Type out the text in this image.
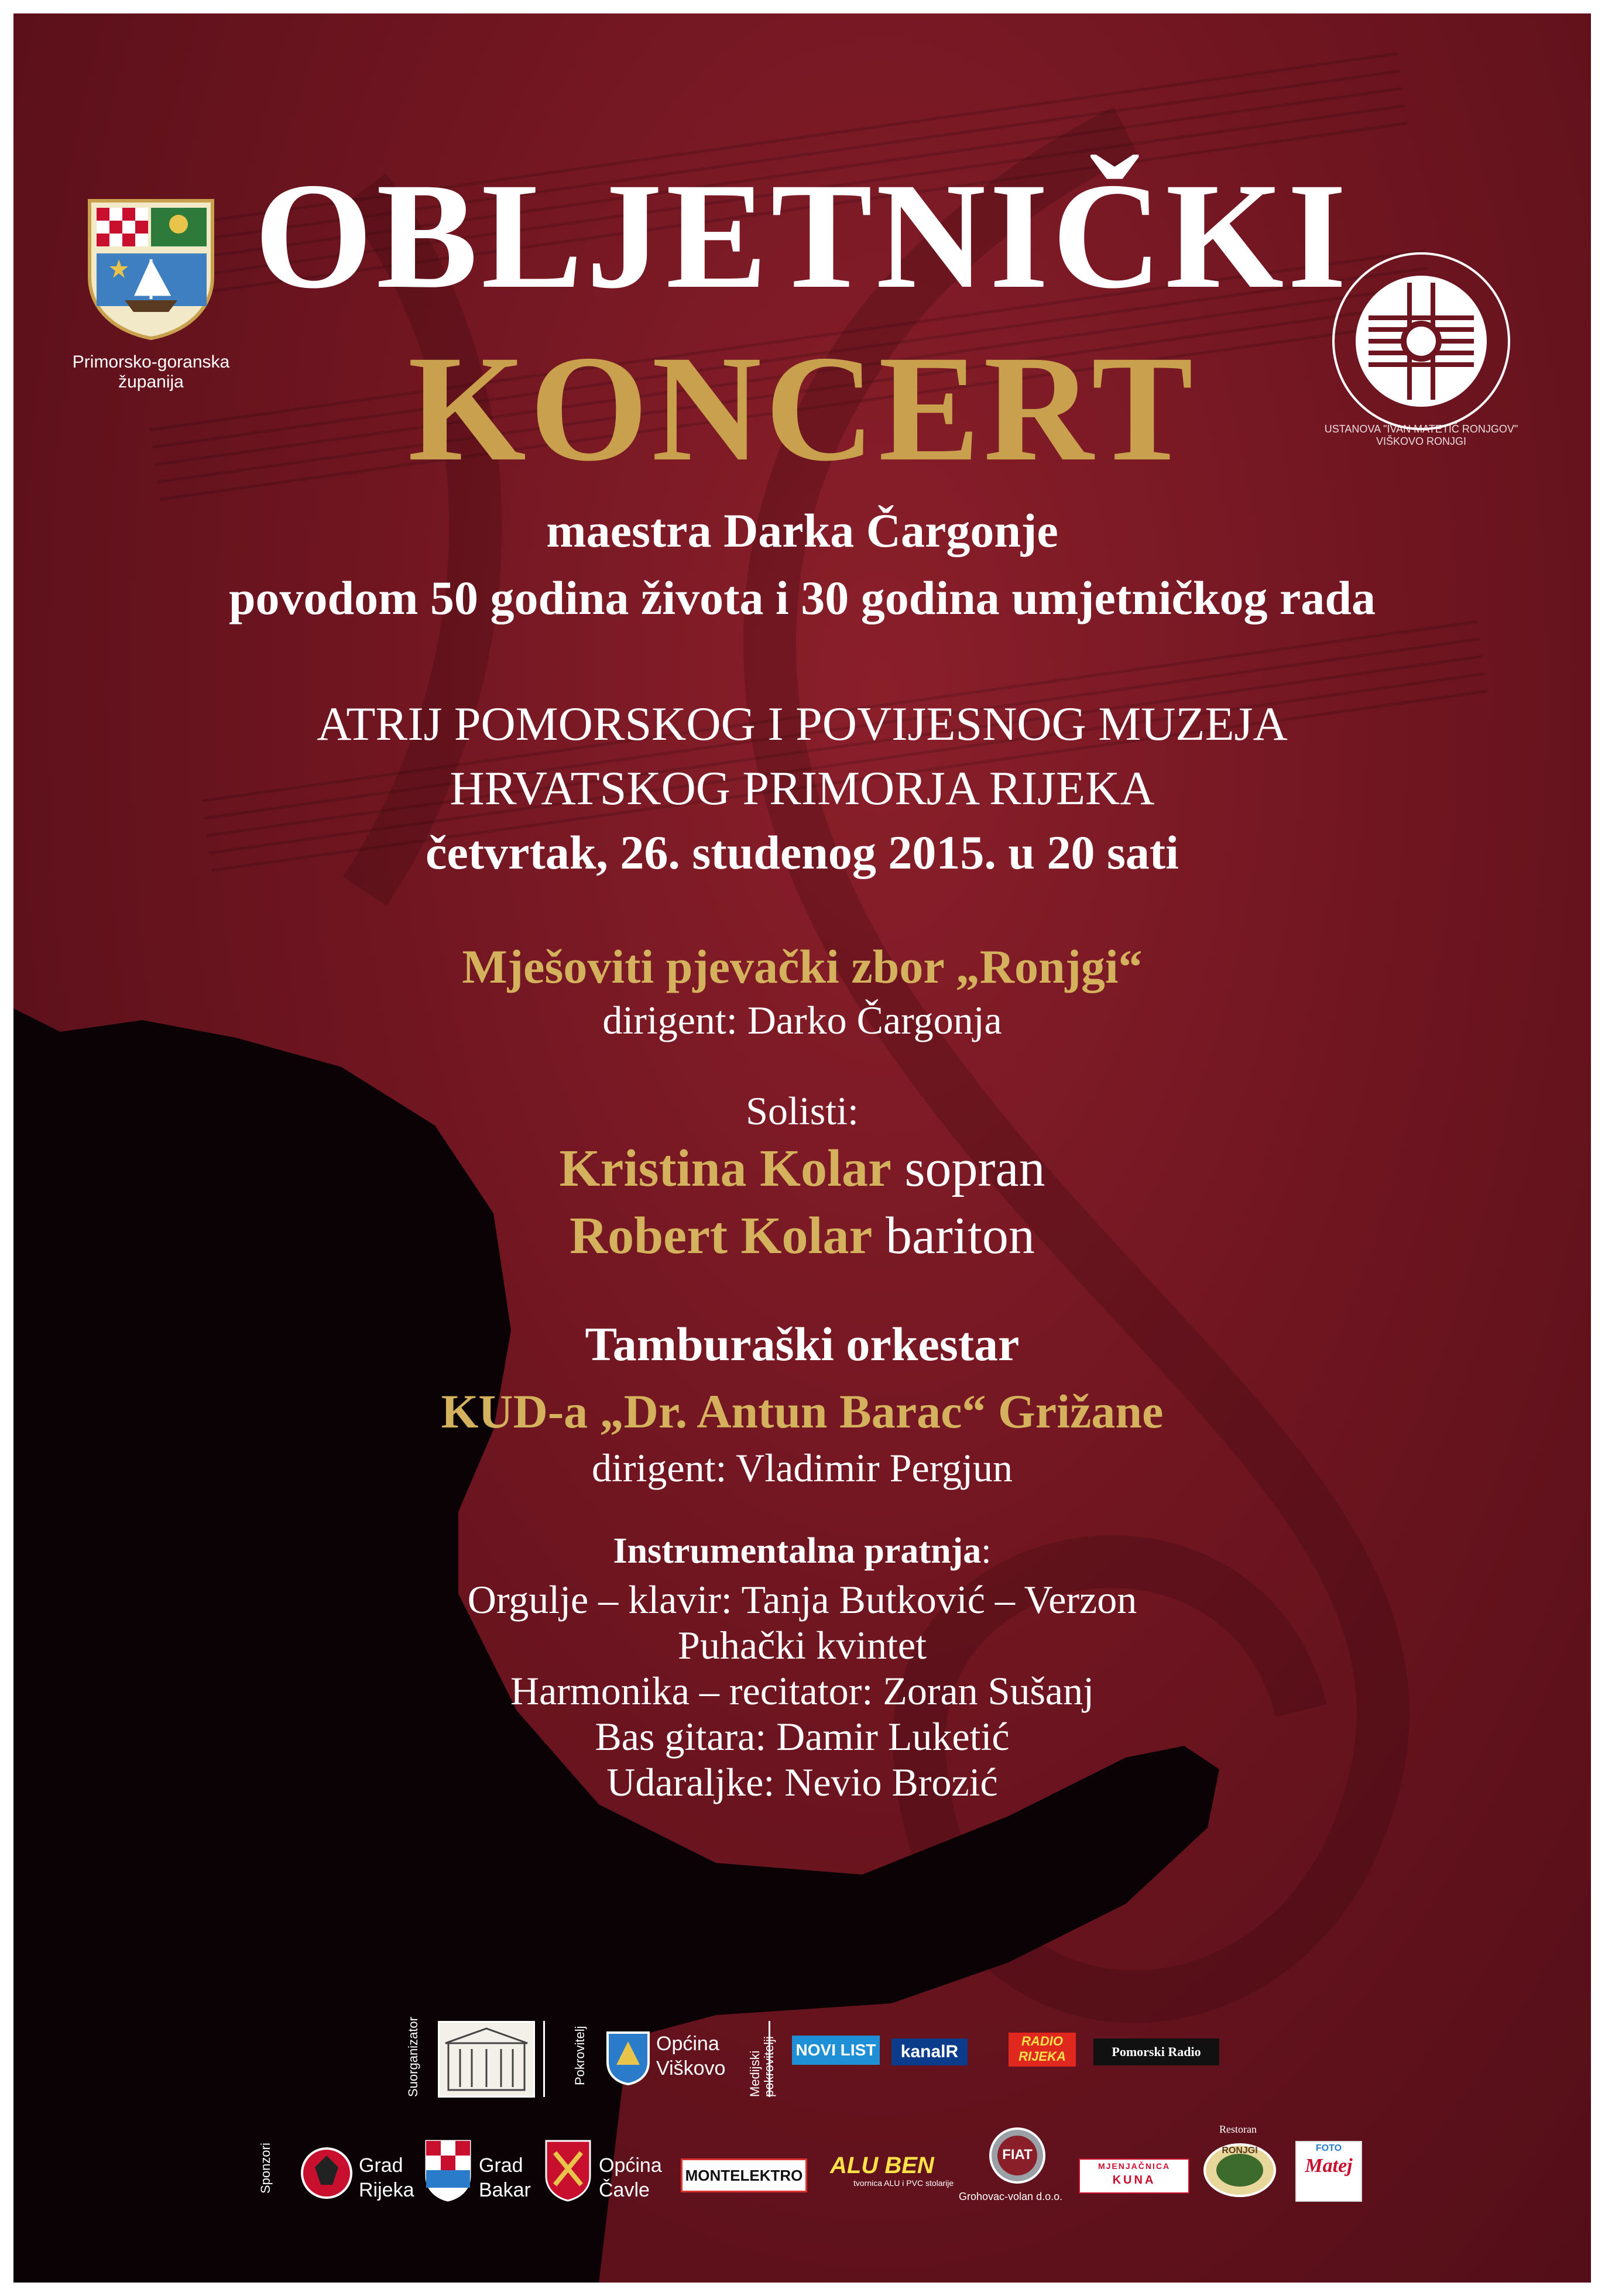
Primorsko-goranska županija
USTANOVA "IVAN MATETIĆ RONJGOV" VIŠKOVO RONJGI
OBLJETNIČKI
KONCERT
maestra Darka Čargonje
povodom 50 godina života i 30 godina umjetničkog rada
ATRIJ POMORSKOG I POVIJESNOG MUZEJA
HRVATSKOG PRIMORJA RIJEKA
četvrtak, 26. studenog 2015. u 20 sati
Mješoviti pjevački zbor „Ronjgi“
dirigent: Darko Čargonja
Solisti:
Kristina Kolar sopran
Robert Kolar bariton
Tamburaški orkestar
KUD-a „Dr. Antun Barac“ Grižane
dirigent: Vladimir Pergjun
Instrumentalna pratnja:
Orgulje – klavir: Tanja Butković – Verzon
Puhački kvintet
Harmonika – recitator: Zoran Sušanj
Bas gitara: Damir Luketić
Udaraljke: Nevio Brozić
Suorganizator	Pokrovitelj	Općina
Viškovo Medijski pokrovitelji NOVI LIST	kanalR
RADIO RIJEKA	Pomorski Radio
Sponzori	Grad
Rijeka
Grad
Bakar
Općina
Čavle
MONTELEKTRO ALU BEN
tvornica ALU i PVC stolarije
FIAT
Grohovac-volan d.o.o.
MJENJAČNICA
KUNA
Restoran
RONJGI	FOTO
Matej
